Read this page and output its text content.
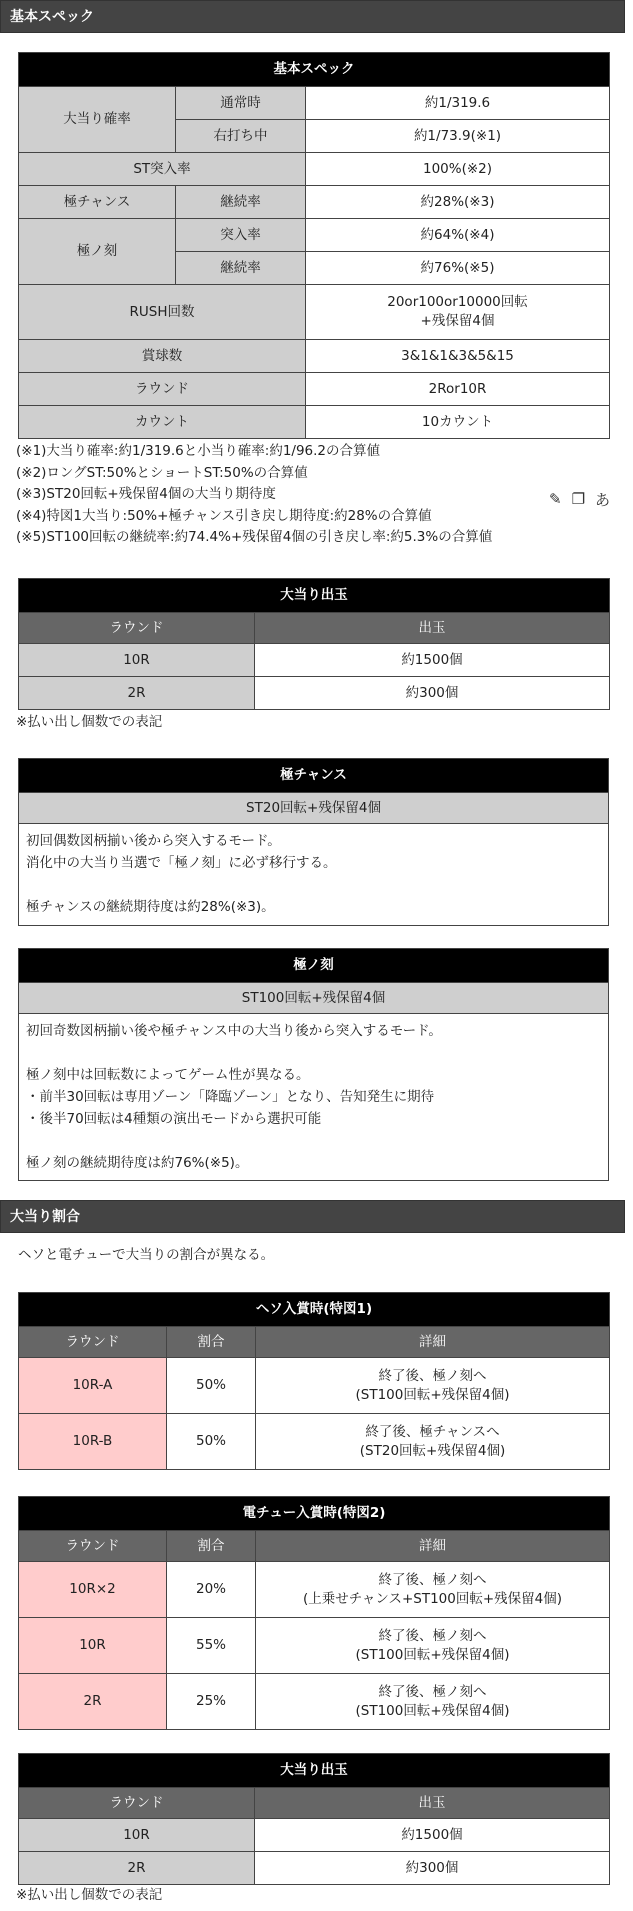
基本スペック
基本スペック		
大当り確率	通常時	約1/319.6
	右打ち中	約1/73.9(※1)
ST突入率		100%(※2)
極チャンス	継続率	約28%(※3)
極ノ刻	突入率	約64%(※4)
	継続率	約76%(※5)
RUSH回数		20or100or10000回転
+残保留4個

賞球数		3&1&1&3&5&15
ラウンド		2Ror10R
カウント		10カウント
(※1)大当り確率:約1/319.6と小当り確率:約1/96.2の合算値
(※2)ロングST:50%とショートST:50%の合算値
(※3)ST20回転+残保留4個の大当り期待度
(※4)特図1大当り:50%+極チャンス引き戻し期待度:約28%の合算値
(※5)ST100回転の継続率:約74.4%+残保留4個の引き戻し率:約5.3%の合算値
✎ ❐ あ
大当り出玉	
ラウンド	出玉
10R	約1500個
2R	約300個
※払い出し個数での表記
極チャンス
ST20回転+残保留4個

初回偶数図柄揃い後から突入するモード。
消化中の大当り当選で「極ノ刻」に必ず移行する。
極チャンスの継続期待度は約28%(※3)。
極ノ刻
ST100回転+残保留4個

初回奇数図柄揃い後や極チャンス中の大当り後から突入するモード。
極ノ刻中は回転数によってゲーム性が異なる。
・前半30回転は専用ゾーン「降臨ゾーン」となり、告知発生に期待
・後半70回転は4種類の演出モードから選択可能
極ノ刻の継続期待度は約76%(※5)。
大当り割合
ヘソと電チューで大当りの割合が異なる。
ヘソ入賞時(特図1)		
ラウンド	割合	詳細
10R-A	50%	終了後、極ノ刻へ
(ST100回転+残保留4個)

10R-B	50%	終了後、極チャンスへ
(ST20回転+残保留4個)
電チュー入賞時(特図2)		
ラウンド	割合	詳細
10R×2	20%	終了後、極ノ刻へ
(上乗せチャンス+ST100回転+残保留4個)

10R	55%	終了後、極ノ刻へ
(ST100回転+残保留4個)

2R	25%	終了後、極ノ刻へ
(ST100回転+残保留4個)
大当り出玉	
ラウンド	出玉
10R	約1500個
2R	約300個
※払い出し個数での表記
